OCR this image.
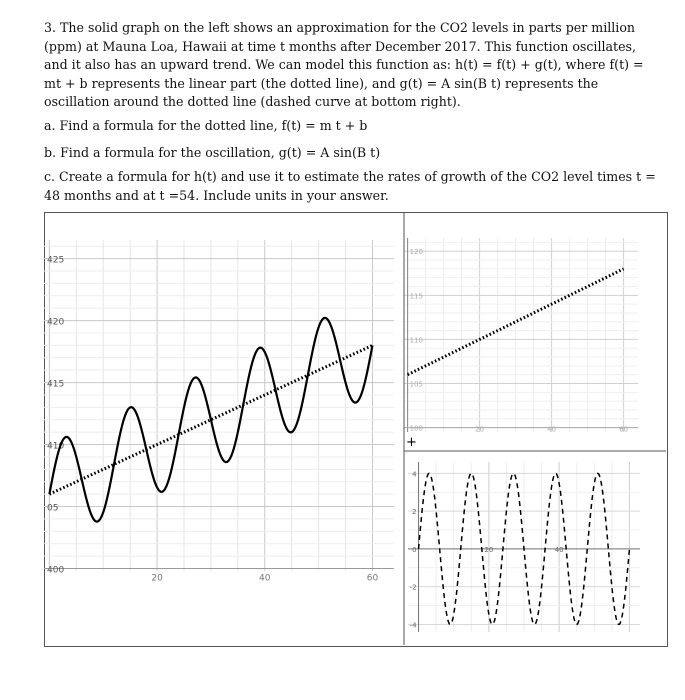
3. The solid graph on the left shows an approximation for the CO2 levels in parts per million (ppm) at Mauna Loa, Hawaii at time t months after December 2017. This function oscillates, and it also has an upward trend. We can model this function as: h(t) = f(t) + g(t), where f(t) = mt + b represents the linear part (the dotted line), and g(t) = A sin(B t) represents the oscillation around the dotted line (dashed curve at bottom right).
a. Find a formula for the dotted line, f(t) = m t + b
b. Find a formula for the oscillation, g(t) = A sin(B t)
c. Create a formula for h(t) and use it to estimate the rates of growth of the CO2 level times t = 48 months and at t =54. Include units in your answer.
400
05
410
415
420
425
20	40	60
100
105
110
115
120
20	40	60
+
4
2
0
-2
-4
20	40
